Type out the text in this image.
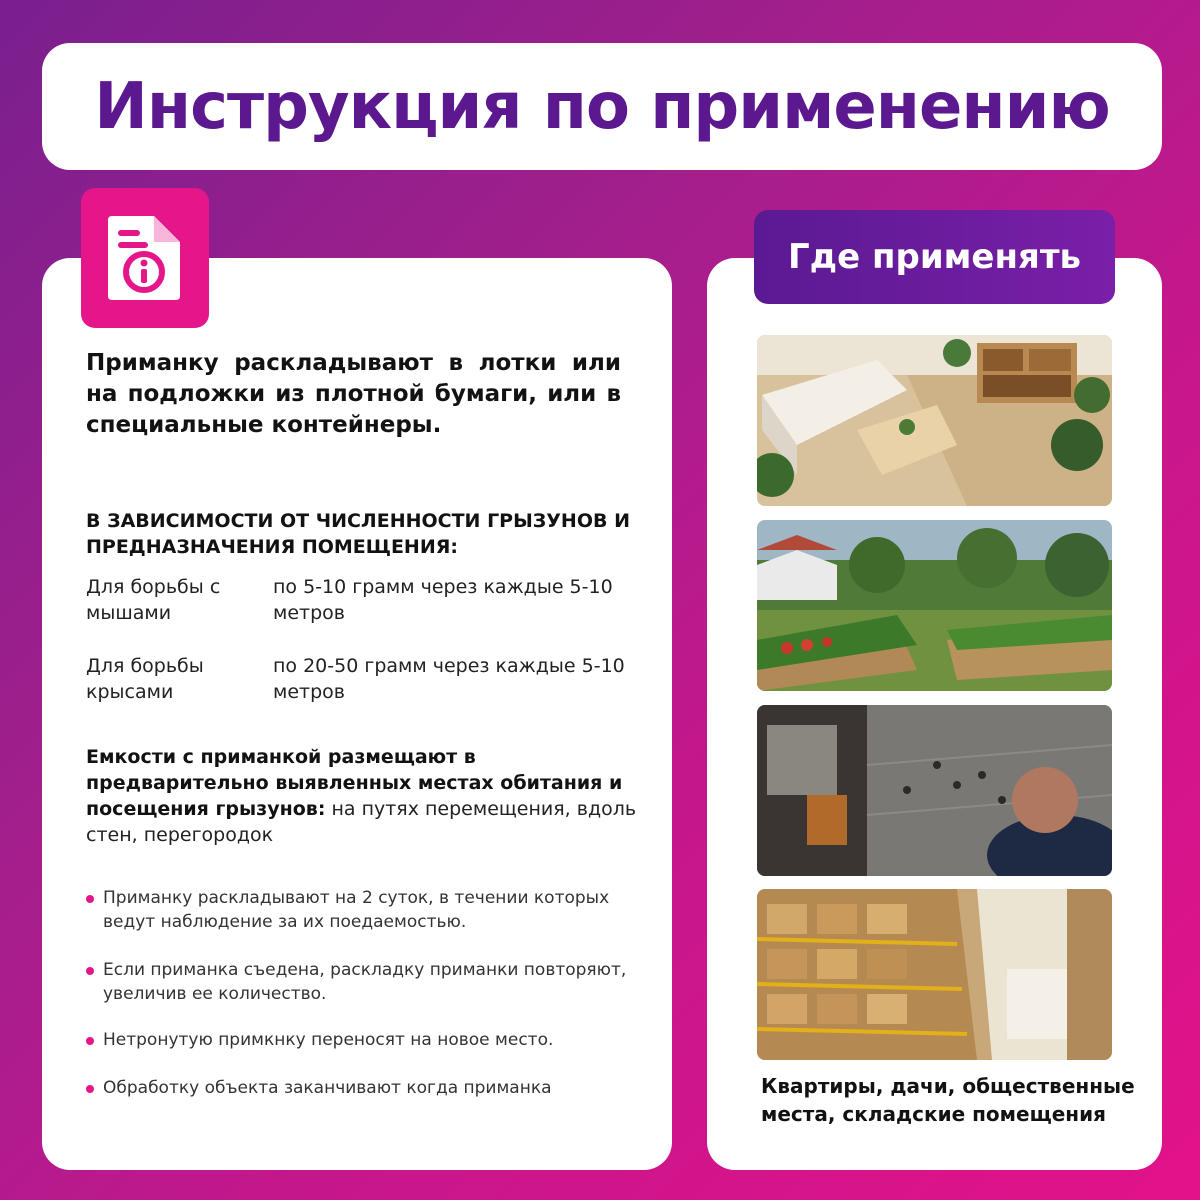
Инструкция по применению

Приманку раскладывают в лотки или на подложки из плотной бумаги, или в специальные контейнеры.

В ЗАВИСИМОСТИ ОТ ЧИСЛЕННОСТИ ГРЫЗУНОВ И ПРЕДНАЗНАЧЕНИЯ ПОМЕЩЕНИЯ:

Для борьбы с мышами
по 5-10 грамм через каждые 5-10 метров
Для борьбы крысами
по 20-50 грамм через каждые 5-10 метров

Емкости с приманкой размещают в предварительно выявленных местах обитания и посещения грызунов: на путях перемещения, вдоль стен, перегородок

Приманку раскладывают на 2 суток, в течении которых ведут наблюдение за их поедаемостью.
Если приманка съедена, раскладку приманки повторяют, увеличив ее количество.
Нетронутую примкнку переносят на новое место.
Обработку объекта заканчивают когда приманка
Где применять

Квартиры, дачи, общественные места, складские помещения
